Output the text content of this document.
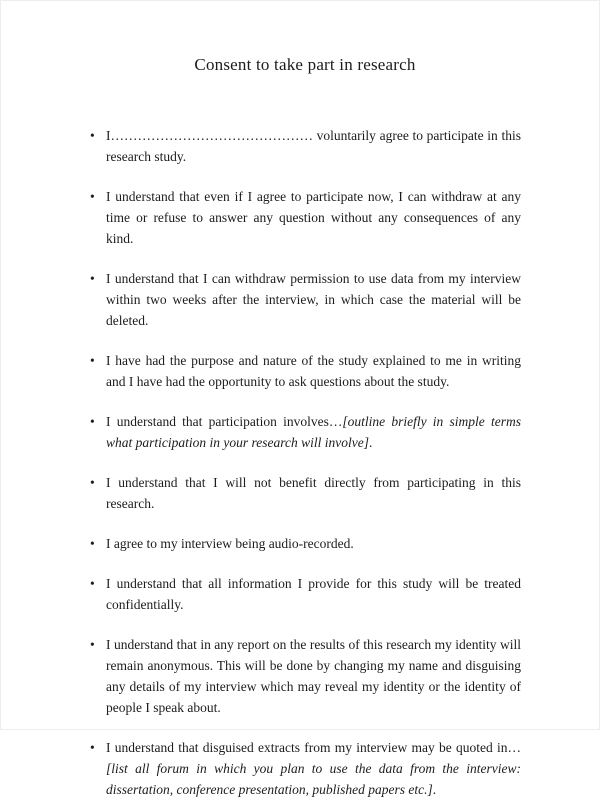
Consent to take part in research
• I……………………………………… voluntarily agree to participate in this research study.
• I understand that even if I agree to participate now, I can withdraw at any time or refuse to answer any question without any consequences of any kind.
• I understand that I can withdraw permission to use data from my interview within two weeks after the interview, in which case the material will be deleted.
• I have had the purpose and nature of the study explained to me in writing and I have had the opportunity to ask questions about the study.
• I understand that participation involves…[outline briefly in simple terms what participation in your research will involve].
• I understand that I will not benefit directly from participating in this research.
• I agree to my interview being audio-recorded.
• I understand that all information I provide for this study will be treated confidentially.
• I understand that in any report on the results of this research my identity will remain anonymous. This will be done by changing my name and disguising any details of my interview which may reveal my identity or the identity of people I speak about.
• I understand that disguised extracts from my interview may be quoted in…[list all forum in which you plan to use the data from the interview: dissertation, conference presentation, published papers etc.].
